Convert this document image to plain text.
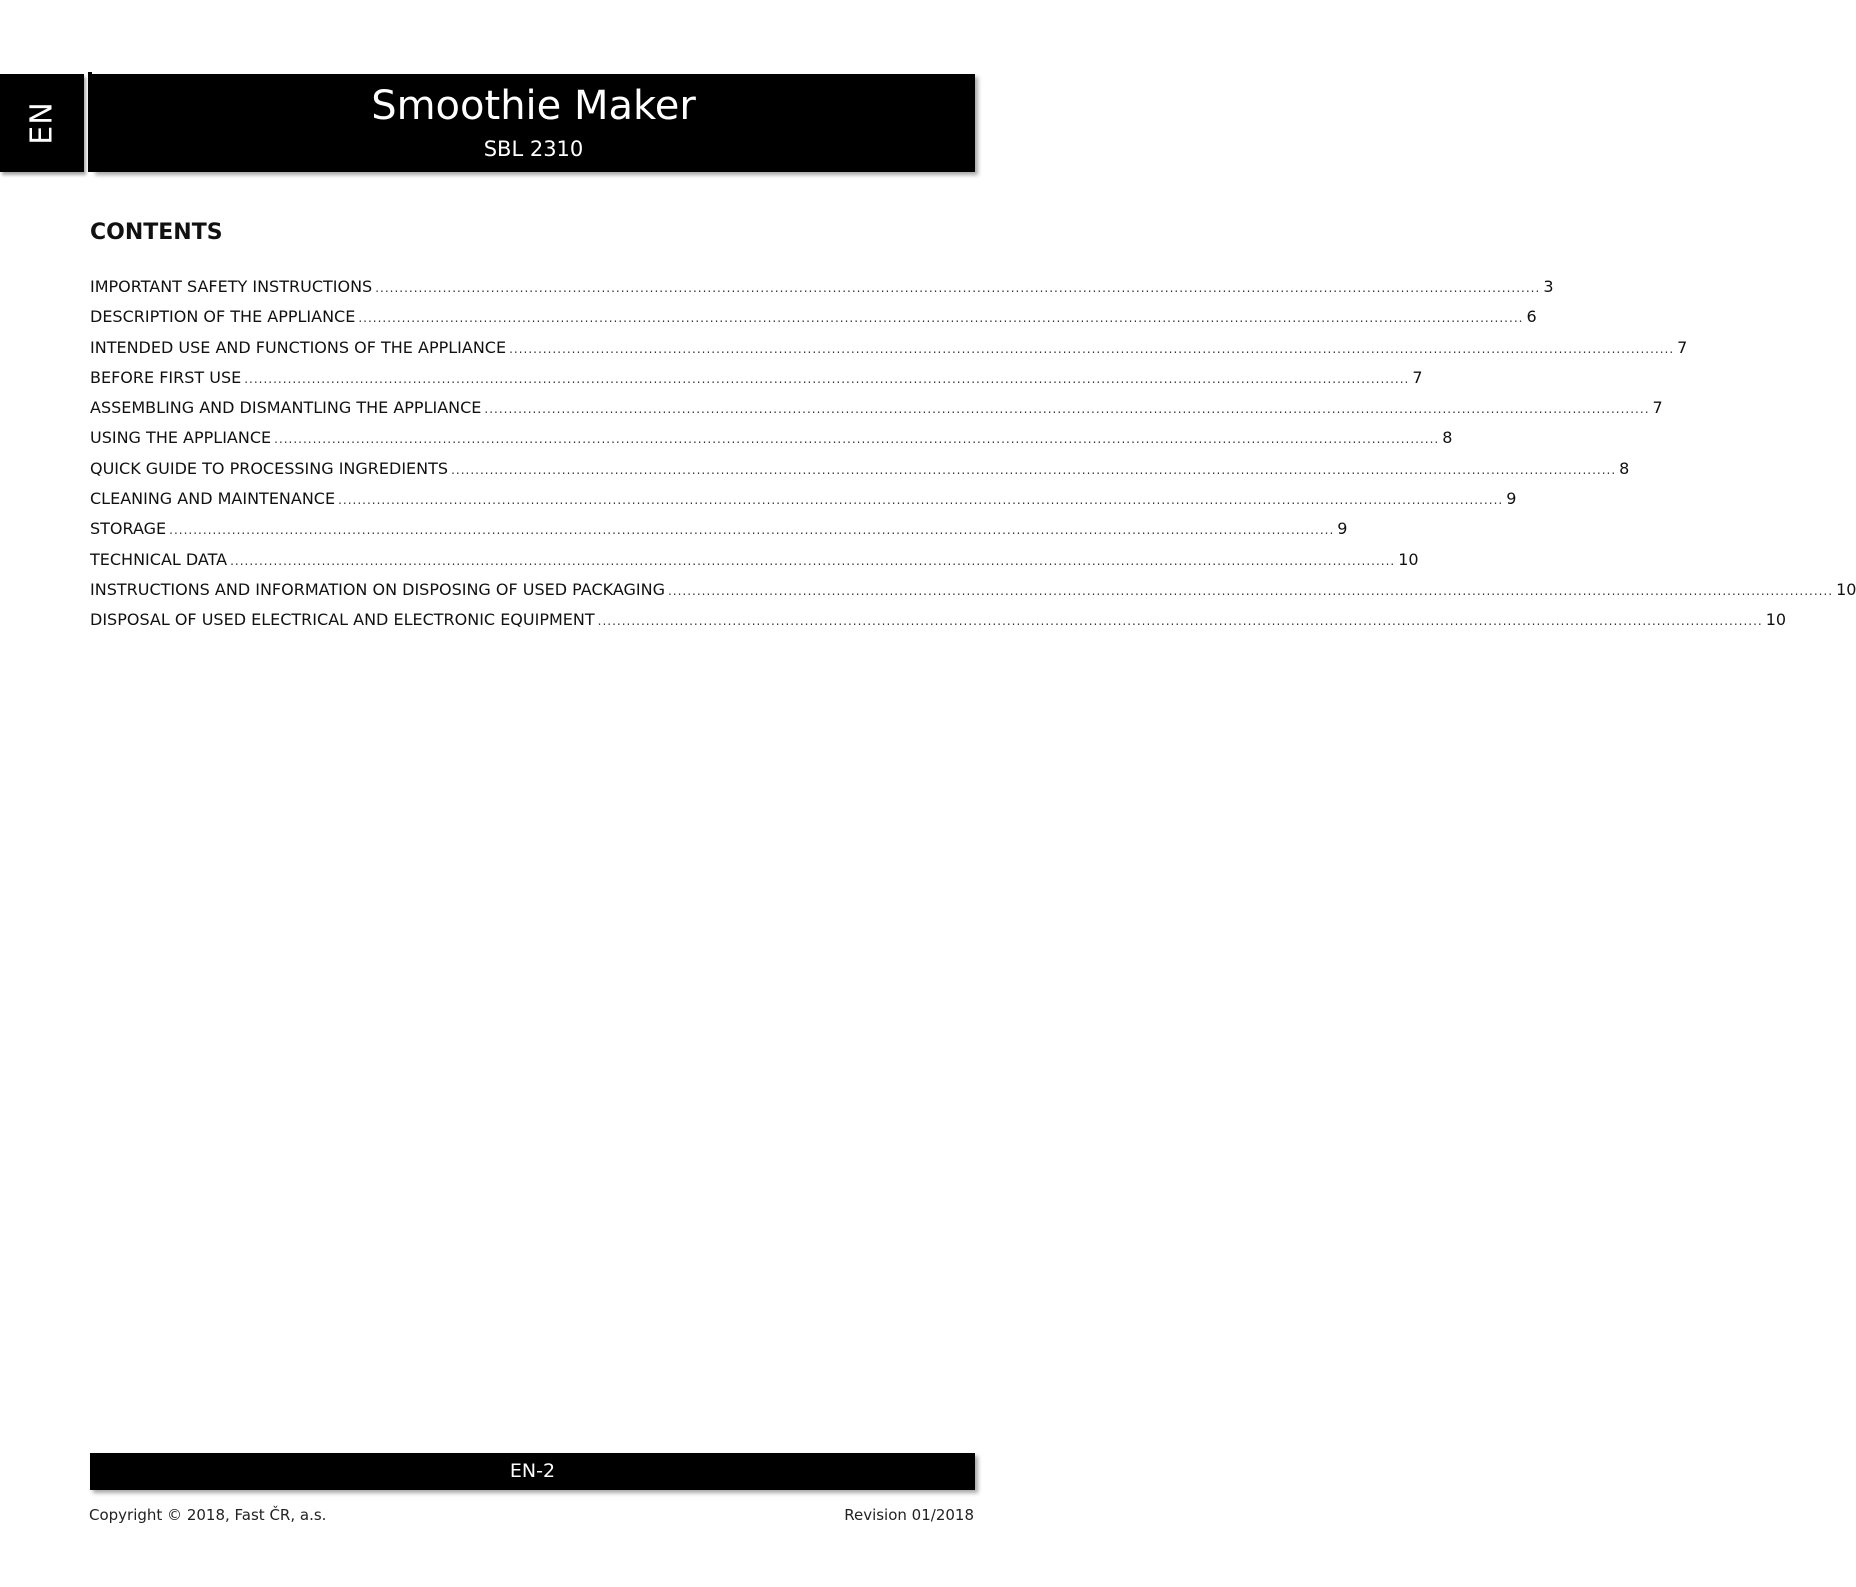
EN	Smoothie Maker
SBL 2310
CONTENTS
IMPORTANT SAFETY INSTRUCTIONS .................................................................................................................................................................................................................................................. 3
DESCRIPTION OF THE APPLIANCE .................................................................................................................................................................................................................................................. 6
INTENDED USE AND FUNCTIONS OF THE APPLIANCE .................................................................................................................................................................................................................................................. 7
BEFORE FIRST USE .................................................................................................................................................................................................................................................. 7
ASSEMBLING AND DISMANTLING THE APPLIANCE .................................................................................................................................................................................................................................................. 7
USING THE APPLIANCE .................................................................................................................................................................................................................................................. 8
QUICK GUIDE TO PROCESSING INGREDIENTS .................................................................................................................................................................................................................................................. 8
CLEANING AND MAINTENANCE .................................................................................................................................................................................................................................................. 9
STORAGE .................................................................................................................................................................................................................................................. 9
TECHNICAL DATA .................................................................................................................................................................................................................................................. 10
INSTRUCTIONS AND INFORMATION ON DISPOSING OF USED PACKAGING .................................................................................................................................................................................................................................................. 10
DISPOSAL OF USED ELECTRICAL AND ELECTRONIC EQUIPMENT .................................................................................................................................................................................................................................................. 10
EN-2
Copyright © 2018, Fast ČR, a.s.	Revision 01/2018
